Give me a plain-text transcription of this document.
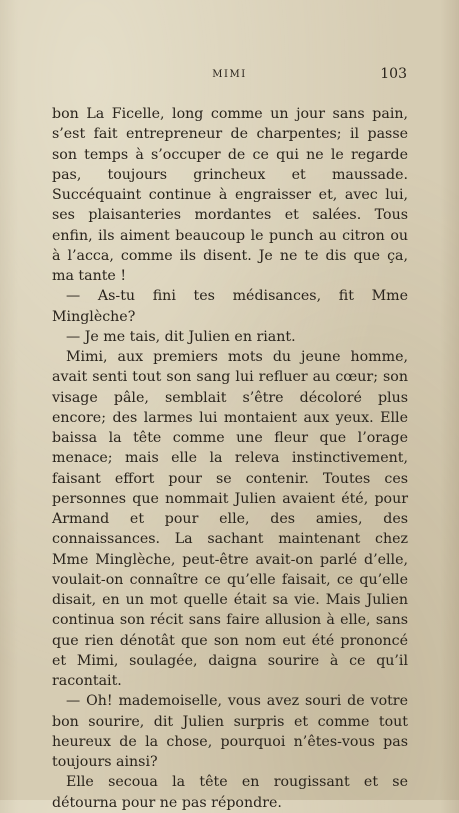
MIMI	103

bon La Ficelle, long comme un jour sans pain, s’est fait entrepreneur de charpentes; il passe son temps à s’occuper de ce qui ne le regarde pas, toujours grincheux et maussade. Succéquaint continue à engraisser et, avec lui, ses plaisanteries mordantes et salées. Tous enfin, ils aiment beaucoup le punch au citron ou à l’acca, comme ils disent. Je ne te dis que ça, ma tante !

— As-tu fini tes médisances, fit Mme Minglèche?

— Je me tais, dit Julien en riant.

Mimi, aux premiers mots du jeune homme, avait senti tout son sang lui refluer au cœur; son visage pâle, semblait s’être décoloré plus encore; des larmes lui montaient aux yeux. Elle baissa la tête comme une fleur que l’orage menace; mais elle la releva instinctivement, faisant effort pour se contenir. Toutes ces personnes que nommait Julien avaient été, pour Armand et pour elle, des amies, des connaissances. La sachant maintenant chez Mme Minglèche, peut-être avait-on parlé d’elle, voulait-on connaître ce qu’elle faisait, ce qu’elle disait, en un mot quelle était sa vie. Mais Julien continua son récit sans faire allusion à elle, sans que rien dénotât que son nom eut été prononcé et Mimi, soulagée, daigna sourire à ce qu’il racontait.

— Oh! mademoiselle, vous avez souri de votre bon sourire, dit Julien surpris et comme tout heureux de la chose, pourquoi n’êtes-vous pas toujours ainsi?

Elle secoua la tête en rougissant et se détourna pour ne pas répondre.
